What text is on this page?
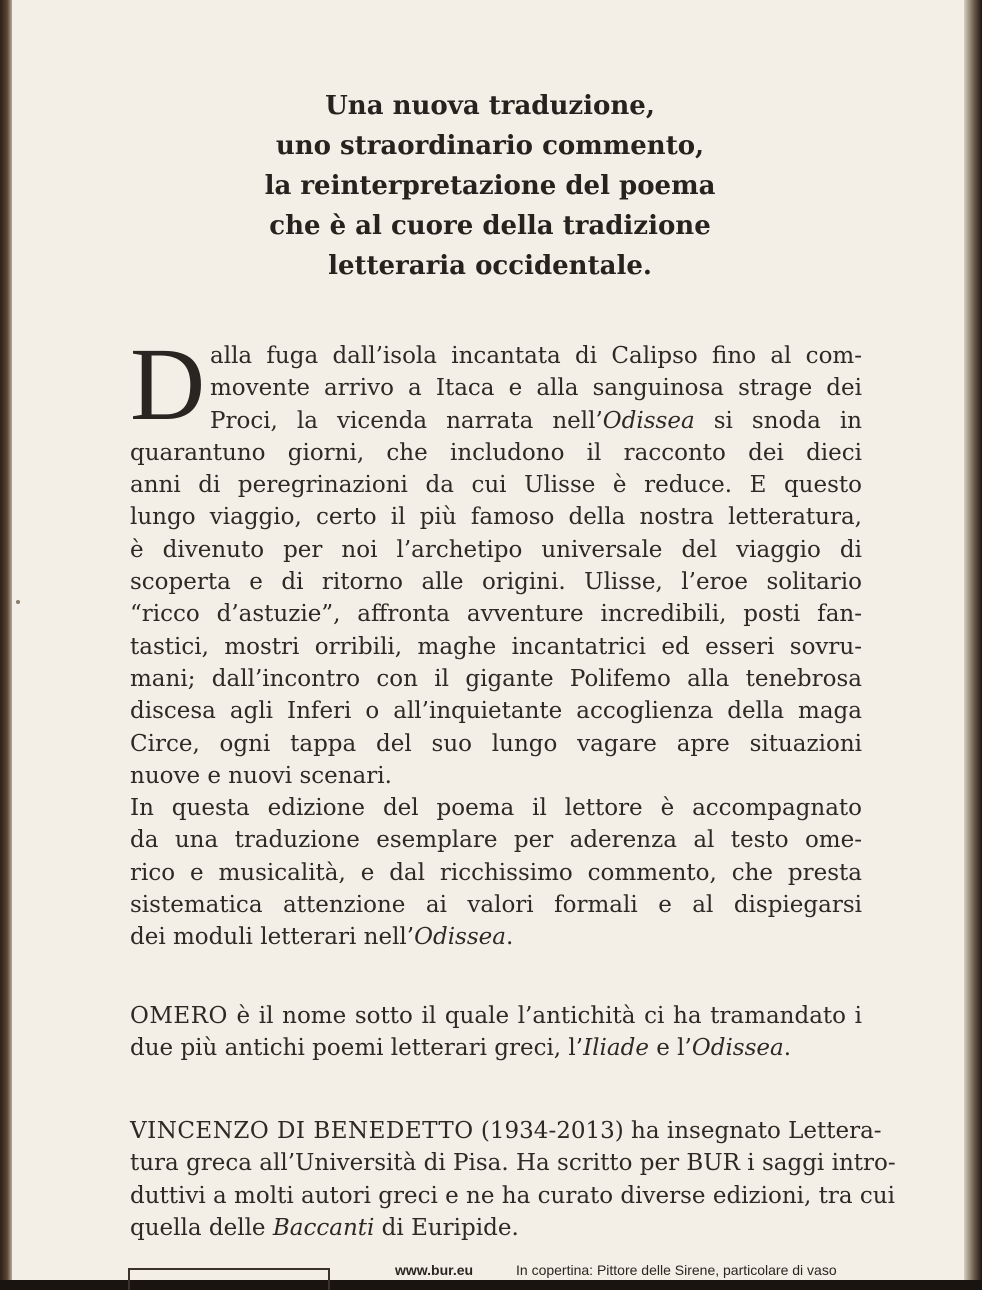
Una nuova traduzione,
uno straordinario commento,
la reinterpretazione del poema
che è al cuore della tradizione
letteraria occidentale.
D alla fuga dall’isola incantata di Calipso fino al com-
movente arrivo a Itaca e alla sanguinosa strage dei
Proci, la vicenda narrata nell’Odissea si snoda in
quarantuno giorni, che includono il racconto dei dieci
anni di peregrinazioni da cui Ulisse è reduce. E questo
lungo viaggio, certo il più famoso della nostra letteratura,
è divenuto per noi l’archetipo universale del viaggio di
scoperta e di ritorno alle origini. Ulisse, l’eroe solitario
“ricco d’astuzie”, affronta avventure incredibili, posti fan-
tastici, mostri orribili, maghe incantatrici ed esseri sovru-
mani; dall’incontro con il gigante Polifemo alla tenebrosa
discesa agli Inferi o all’inquietante accoglienza della maga
Circe, ogni tappa del suo lungo vagare apre situazioni
nuove e nuovi scenari.
In questa edizione del poema il lettore è accompagnato
da una traduzione esemplare per aderenza al testo ome-
rico e musicalità, e dal ricchissimo commento, che presta
sistematica attenzione ai valori formali e al dispiegarsi
dei moduli letterari nell’Odissea.
OMERO è il nome sotto il quale l’antichità ci ha tramandato i
due più antichi poemi letterari greci, l’Iliade e l’Odissea.
VINCENZO DI BENEDETTO (1934-2013) ha insegnato Lettera-
tura greca all’Università di Pisa. Ha scritto per BUR i saggi intro-
duttivi a molti autori greci e ne ha curato diverse edizioni, tra cui
quella delle Baccanti di Euripide.
www.bur.eu	In copertina: Pittore delle Sirene, particolare di vaso
